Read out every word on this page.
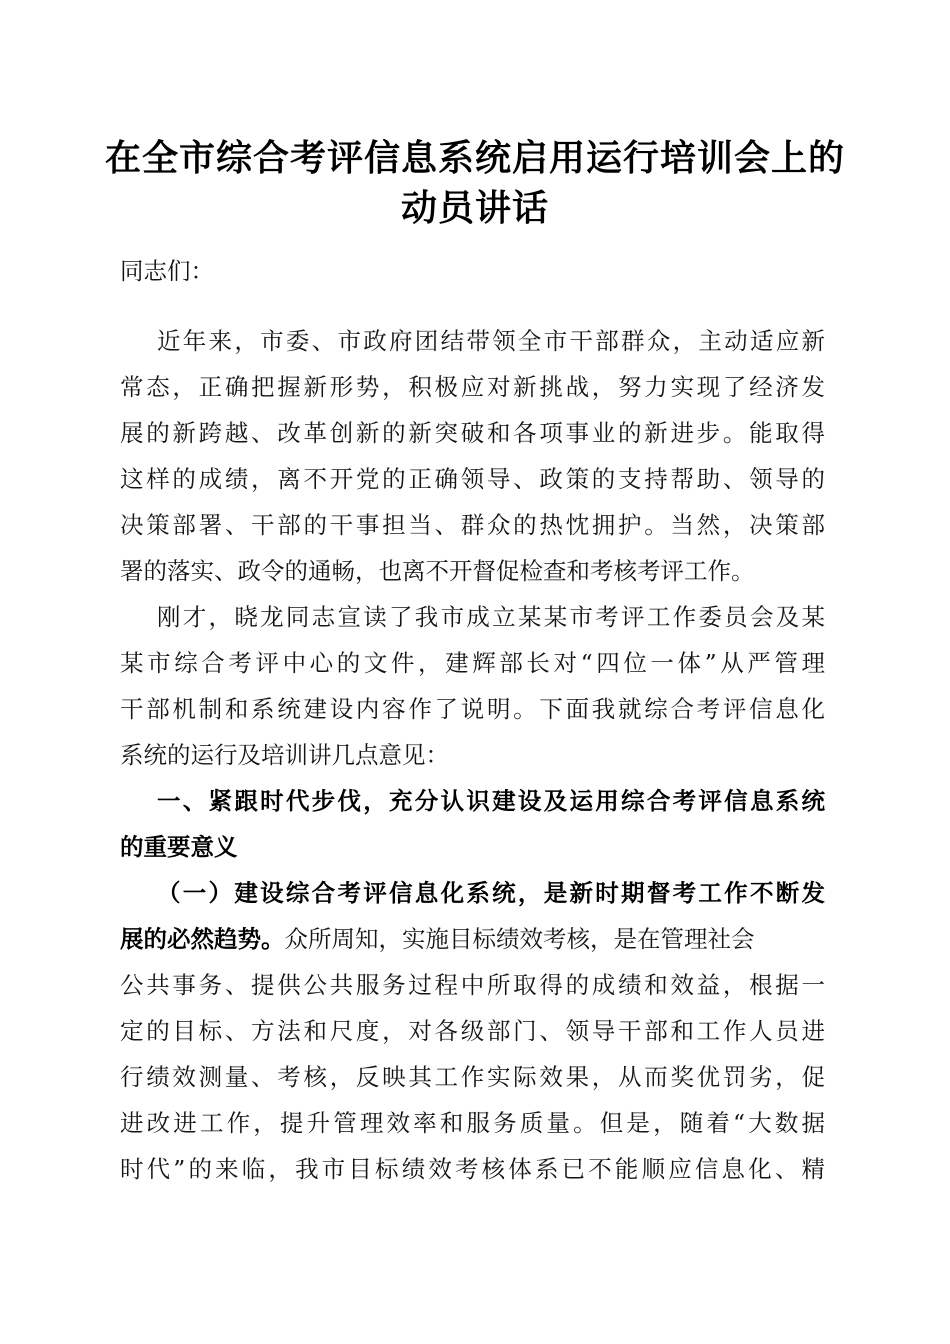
在全市综合考评信息系统启用运行培训会上的
动员讲话
同志们：
近年来，市委、市政府团结带领全市干部群众，主动适应新
常态，正确把握新形势，积极应对新挑战，努力实现了经济发
展的新跨越、改革创新的新突破和各项事业的新进步。能取得
这样的成绩，离不开党的正确领导、政策的支持帮助、领导的
决策部署、干部的干事担当、群众的热忱拥护。当然，决策部
署的落实、政令的通畅，也离不开督促检查和考核考评工作。
刚才，晓龙同志宣读了我市成立某某市考评工作委员会及某
某市综合考评中心的文件，建辉部长对“四位一体”从严管理
干部机制和系统建设内容作了说明。下面我就综合考评信息化
系统的运行及培训讲几点意见：
一、紧跟时代步伐，充分认识建设及运用综合考评信息系统
的重要意义
（一）建设综合考评信息化系统，是新时期督考工作不断发
展的必然趋势。众所周知，实施目标绩效考核，是在管理社会
公共事务、提供公共服务过程中所取得的成绩和效益，根据一
定的目标、方法和尺度，对各级部门、领导干部和工作人员进
行绩效测量、考核，反映其工作实际效果，从而奖优罚劣，促
进改进工作，提升管理效率和服务质量。但是，随着“大数据
时代”的来临，我市目标绩效考核体系已不能顺应信息化、精
